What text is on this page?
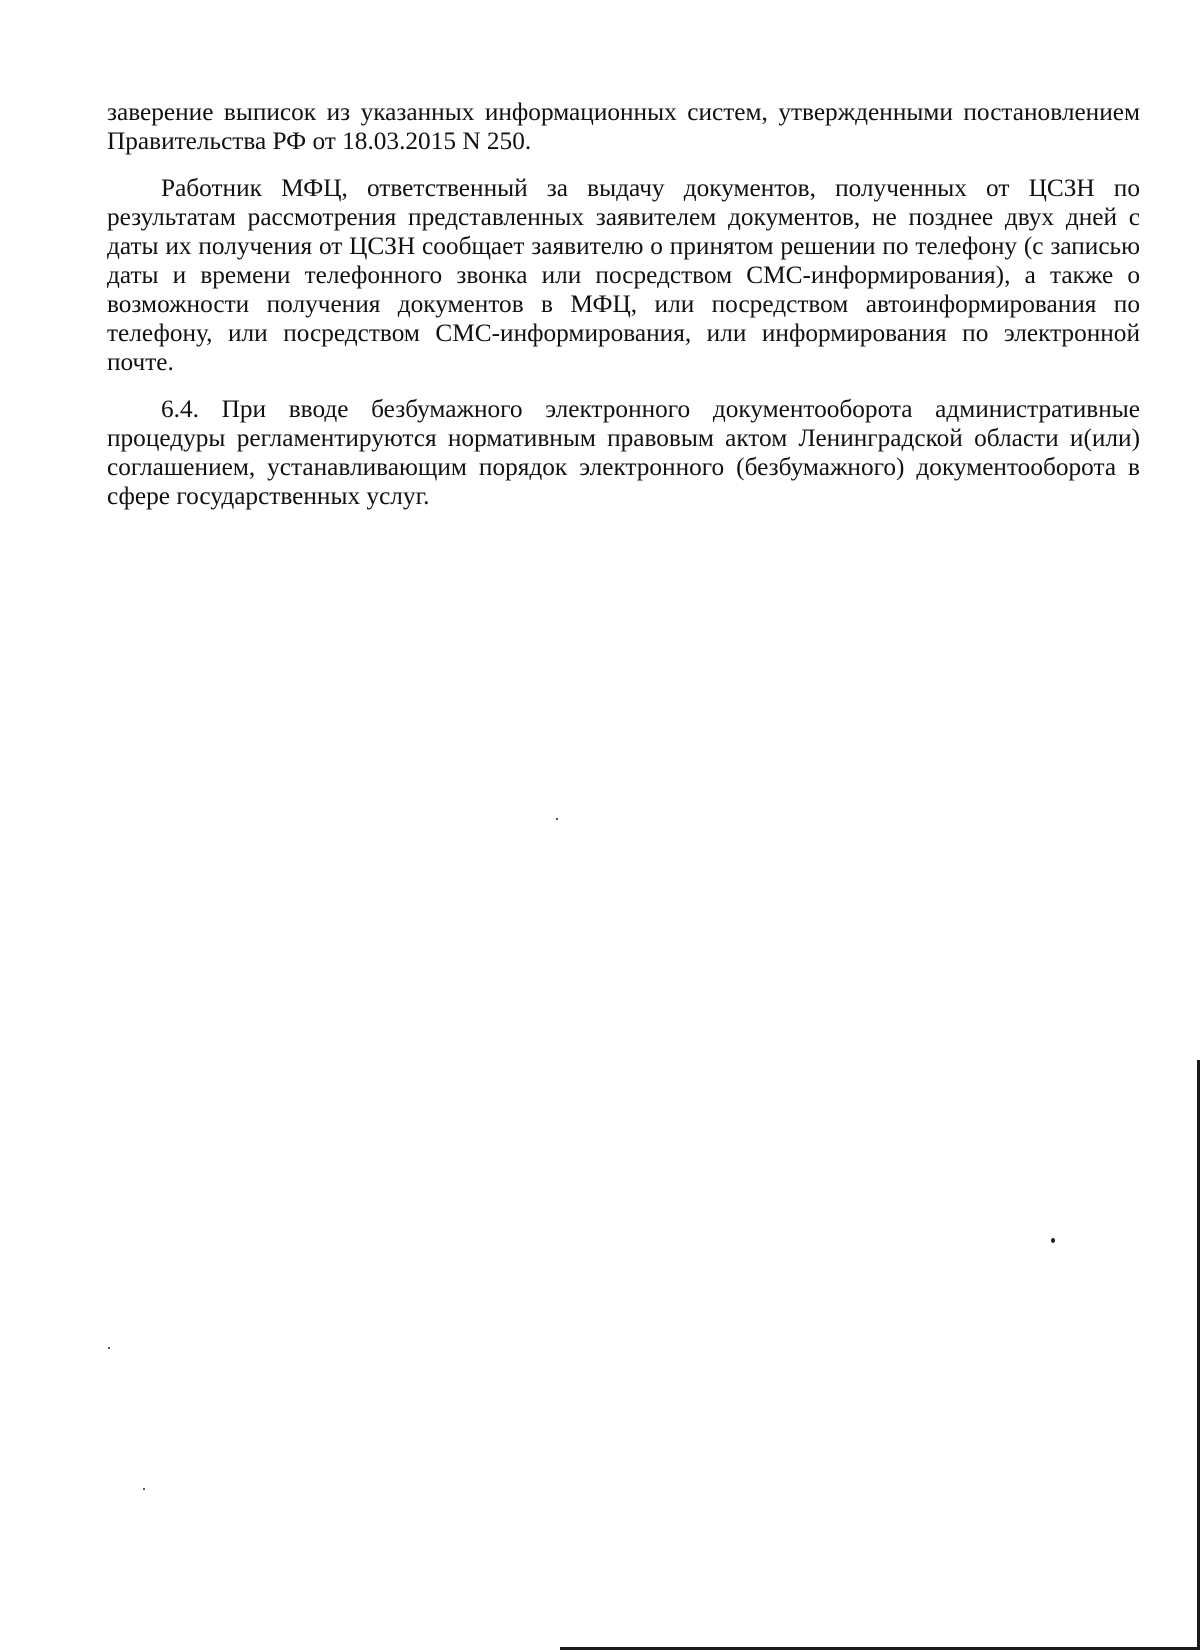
заверение выписок из указанных информационных систем, утвержденными постановлением Правительства РФ от 18.03.2015 N 250.

Работник МФЦ, ответственный за выдачу документов, полученных от ЦСЗН по результатам рассмотрения представленных заявителем документов, не позднее двух дней с даты их получения от ЦСЗН сообщает заявителю о принятом решении по телефону (с записью даты и времени телефонного звонка или посредством СМС-информирования), а также о возможности получения документов в МФЦ, или посредством автоинформирования по телефону, или посредством СМС-информирования, или информирования по электронной почте.

6.4. При вводе безбумажного электронного документооборота административные процедуры регламентируются нормативным правовым актом Ленинградской области и(или) соглашением, устанавливающим порядок электронного (безбумажного) документооборота в сфере государственных услуг.
